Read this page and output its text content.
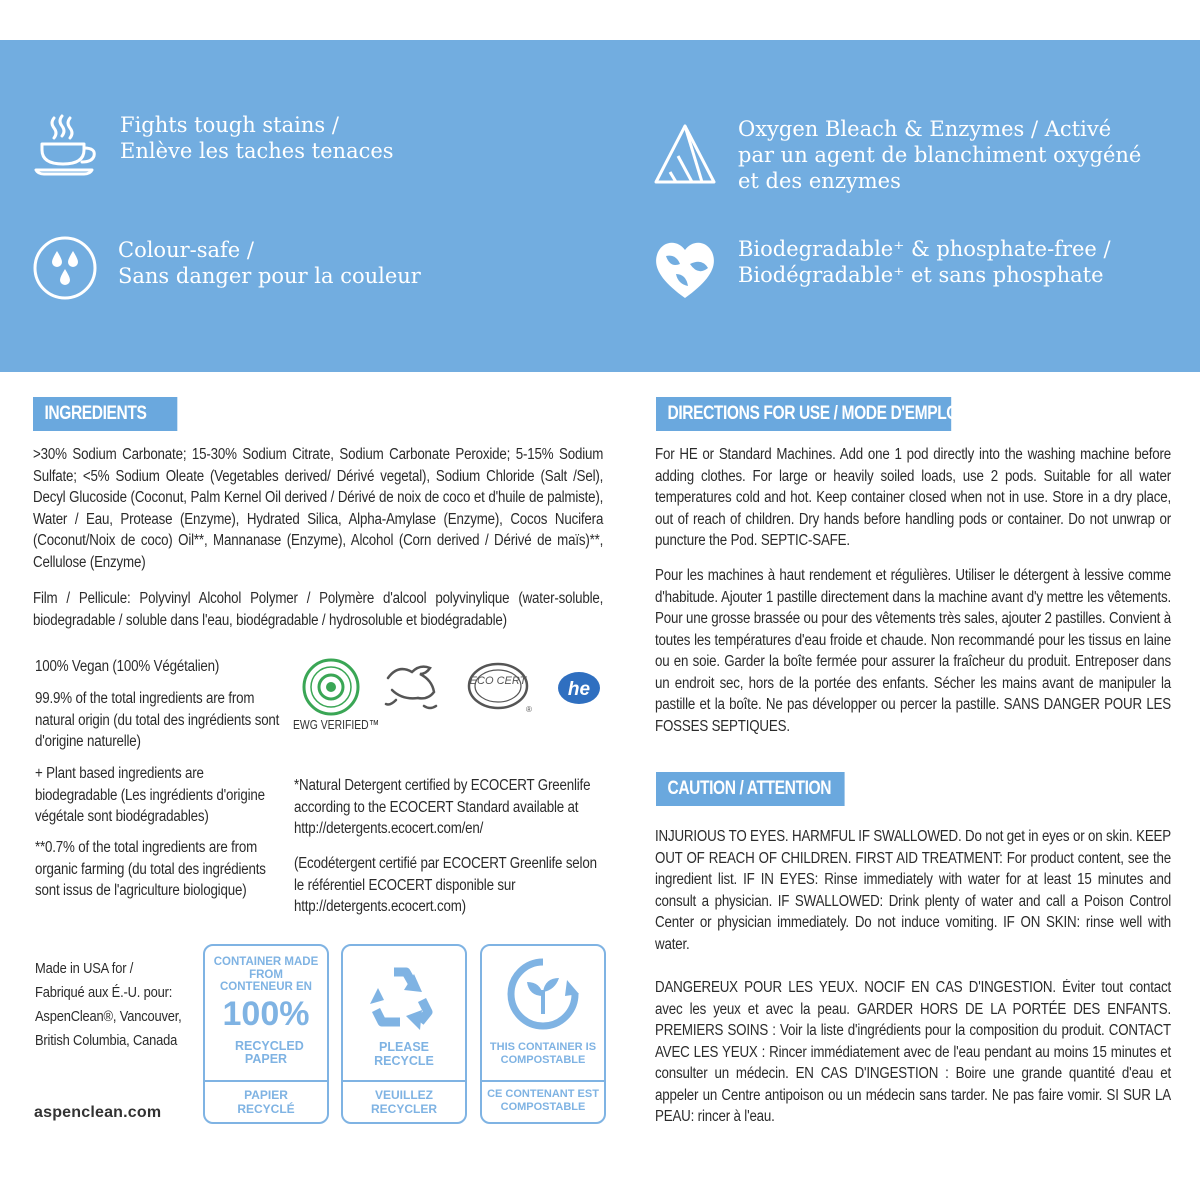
Fights tough stains /
Enlève les taches tenaces
Oxygen Bleach & Enzymes / Activé
par un agent de blanchiment oxygéné
et des enzymes
Colour-safe /
Sans danger pour la couleur
Biodegradable⁺ & phosphate-free /
Biodégradable⁺ et sans phosphate
INGREDIENTS
>30% Sodium Carbonate; 15-30% Sodium Citrate, Sodium Carbonate Peroxide; 5-15% Sodium Sulfate; <5% Sodium Oleate (Vegetables derived/ Dérivé vegetal), Sodium Chloride (Salt /Sel), Decyl Glucoside (Coconut, Palm Kernel Oil derived / Dérivé de noix de coco et d'huile de palmiste), Water / Eau, Protease (Enzyme), Hydrated Silica, Alpha-Amylase (Enzyme), Cocos Nucifera (Coconut/Noix de coco) Oil**, Mannanase (Enzyme), Alcohol (Corn derived / Dérivé de maïs)**, Cellulose (Enzyme)
Film / Pellicule: Polyvinyl Alcohol Polymer / Polymère d'alcool polyvinylique (water-soluble, biodegradable / soluble dans l'eau, biodégradable / hydrosoluble et biodégradable)
100% Vegan (100% Végétalien)
99.9% of the total ingredients are from natural origin (du total des ingrédients sont d'origine naturelle)
+ Plant based ingredients are biodegradable (Les ingrédients d'origine végétale sont biodégradables)
**0.7% of the total ingredients are from organic farming (du total des ingrédients sont issus de l'agriculture biologique)
ECO CERT
®
he
EWG VERIFIED™
*Natural Detergent certified by ECOCERT Greenlife according to the ECOCERT Standard available at http://detergents.ecocert.com/en/
(Ecodétergent certifié par ECOCERT Greenlife selon le référentiel ECOCERT disponible sur http://detergents.ecocert.com)
Made in USA for / Fabriqué aux É.-U. pour: AspenClean®, Vancouver, British Columbia, Canada
aspenclean.com
CONTAINER MADE FROM
CONTENEUR EN
100%
RECYCLED PAPER
PAPIER RECYCLÉ
PLEASE RECYCLE
VEUILLEZ RECYCLER
THIS CONTAINER IS COMPOSTABLE
CE CONTENANT EST COMPOSTABLE
DIRECTIONS FOR USE / MODE D'EMPLOI
For HE or Standard Machines. Add one 1 pod directly into the washing machine before adding clothes. For large or heavily soiled loads, use 2 pods. Suitable for all water temperatures cold and hot. Keep container closed when not in use. Store in a dry place, out of reach of children. Dry hands before handling pods or container. Do not unwrap or puncture the Pod. SEPTIC-SAFE.
Pour les machines à haut rendement et régulières. Utiliser le détergent à lessive comme d'habitude. Ajouter 1 pastille directement dans la machine avant d'y mettre les vêtements. Pour une grosse brassée ou pour des vêtements très sales, ajouter 2 pastilles. Convient à toutes les températures d'eau froide et chaude. Non recommandé pour les tissus en laine ou en soie. Garder la boîte fermée pour assurer la fraîcheur du produit. Entreposer dans un endroit sec, hors de la portée des enfants. Sécher les mains avant de manipuler la pastille et la boîte. Ne pas développer ou percer la pastille. SANS DANGER POUR LES FOSSES SEPTIQUES.
CAUTION / ATTENTION
INJURIOUS TO EYES. HARMFUL IF SWALLOWED. Do not get in eyes or on skin. KEEP OUT OF REACH OF CHILDREN. FIRST AID TREATMENT: For product content, see the ingredient list. IF IN EYES: Rinse immediately with water for at least 15 minutes and consult a physician. IF SWALLOWED: Drink plenty of water and call a Poison Control Center or physician immediately. Do not induce vomiting. IF ON SKIN: rinse well with water.
DANGEREUX POUR LES YEUX. NOCIF EN CAS D'INGESTION. Éviter tout contact avec les yeux et avec la peau. GARDER HORS DE LA PORTÉE DES ENFANTS. PREMIERS SOINS : Voir la liste d'ingrédients pour la composition du produit. CONTACT AVEC LES YEUX : Rincer immédiatement avec de l'eau pendant au moins 15 minutes et consulter un médecin. EN CAS D'INGESTION : Boire une grande quantité d'eau et appeler un Centre antipoison ou un médecin sans tarder. Ne pas faire vomir. SI SUR LA PEAU: rincer à l'eau.
